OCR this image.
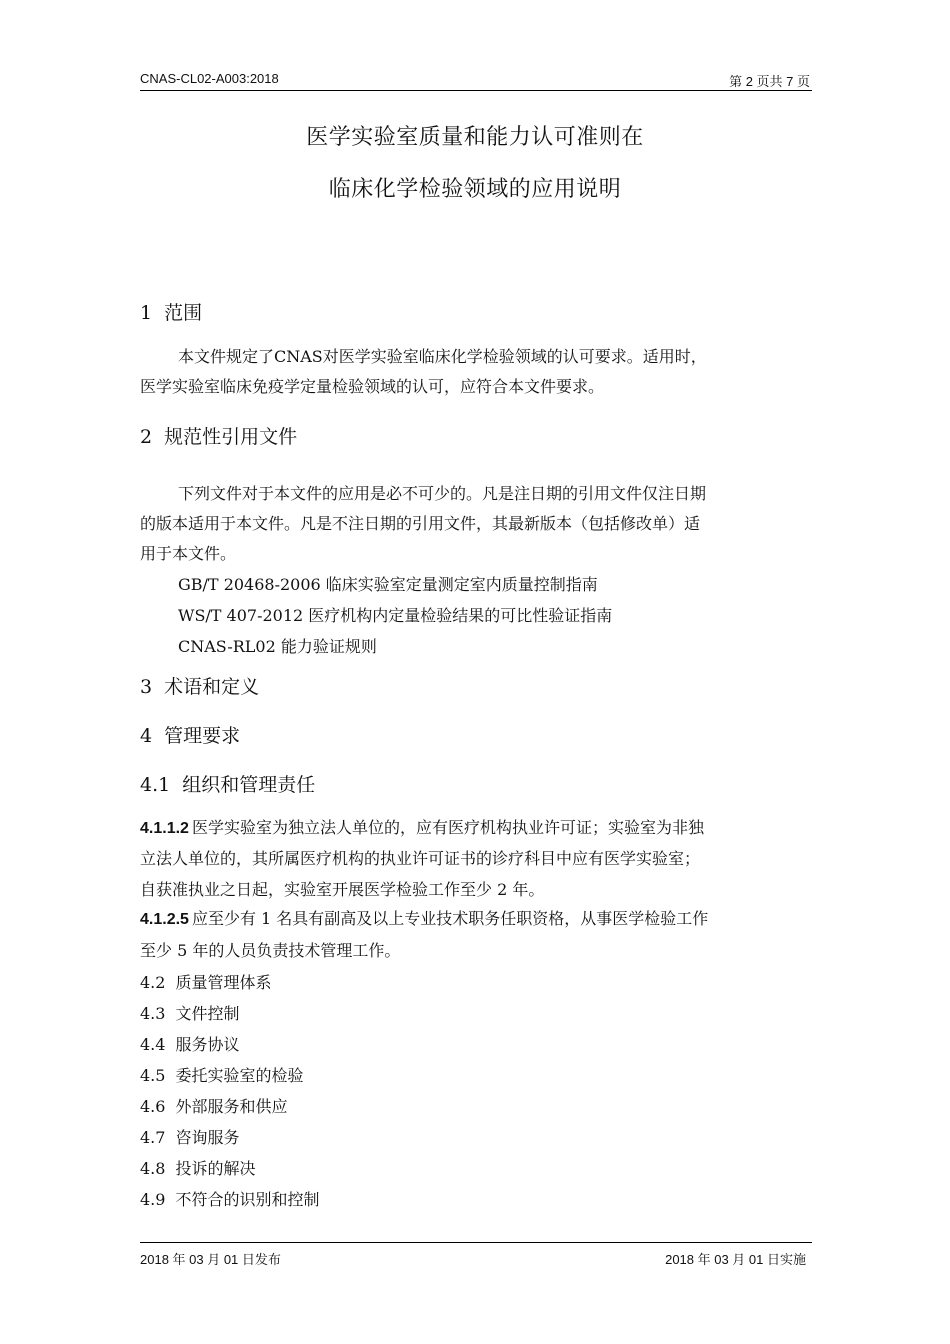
CNAS-CL02-A003:2018	第 2 页共 7 页
医学实验室质量和能力认可准则在
临床化学检验领域的应用说明
1 范围
本文件规定了CNAS对医学实验室临床化学检验领域的认可要求。适用时，
医学实验室临床免疫学定量检验领域的认可，应符合本文件要求。
2 规范性引用文件
下列文件对于本文件的应用是必不可少的。凡是注日期的引用文件仅注日期
的版本适用于本文件。凡是不注日期的引用文件，其最新版本（包括修改单）适
用于本文件。
GB/T 20468-2006 临床实验室定量测定室内质量控制指南
WS/T 407-2012 医疗机构内定量检验结果的可比性验证指南
CNAS-RL02 能力验证规则
3 术语和定义
4 管理要求
4.1 组织和管理责任
4.1.1.2 医学实验室为独立法人单位的，应有医疗机构执业许可证；实验室为非独
立法人单位的，其所属医疗机构的执业许可证书的诊疗科目中应有医学实验室；
自获准执业之日起，实验室开展医学检验工作至少 2 年。
4.1.2.5 应至少有 1 名具有副高及以上专业技术职务任职资格，从事医学检验工作
至少 5 年的人员负责技术管理工作。
4.2 质量管理体系
4.3 文件控制
4.4 服务协议
4.5 委托实验室的检验
4.6 外部服务和供应
4.7 咨询服务
4.8 投诉的解决
4.9 不符合的识别和控制
2018 年 03 月 01 日发布	2018 年 03 月 01 日实施
